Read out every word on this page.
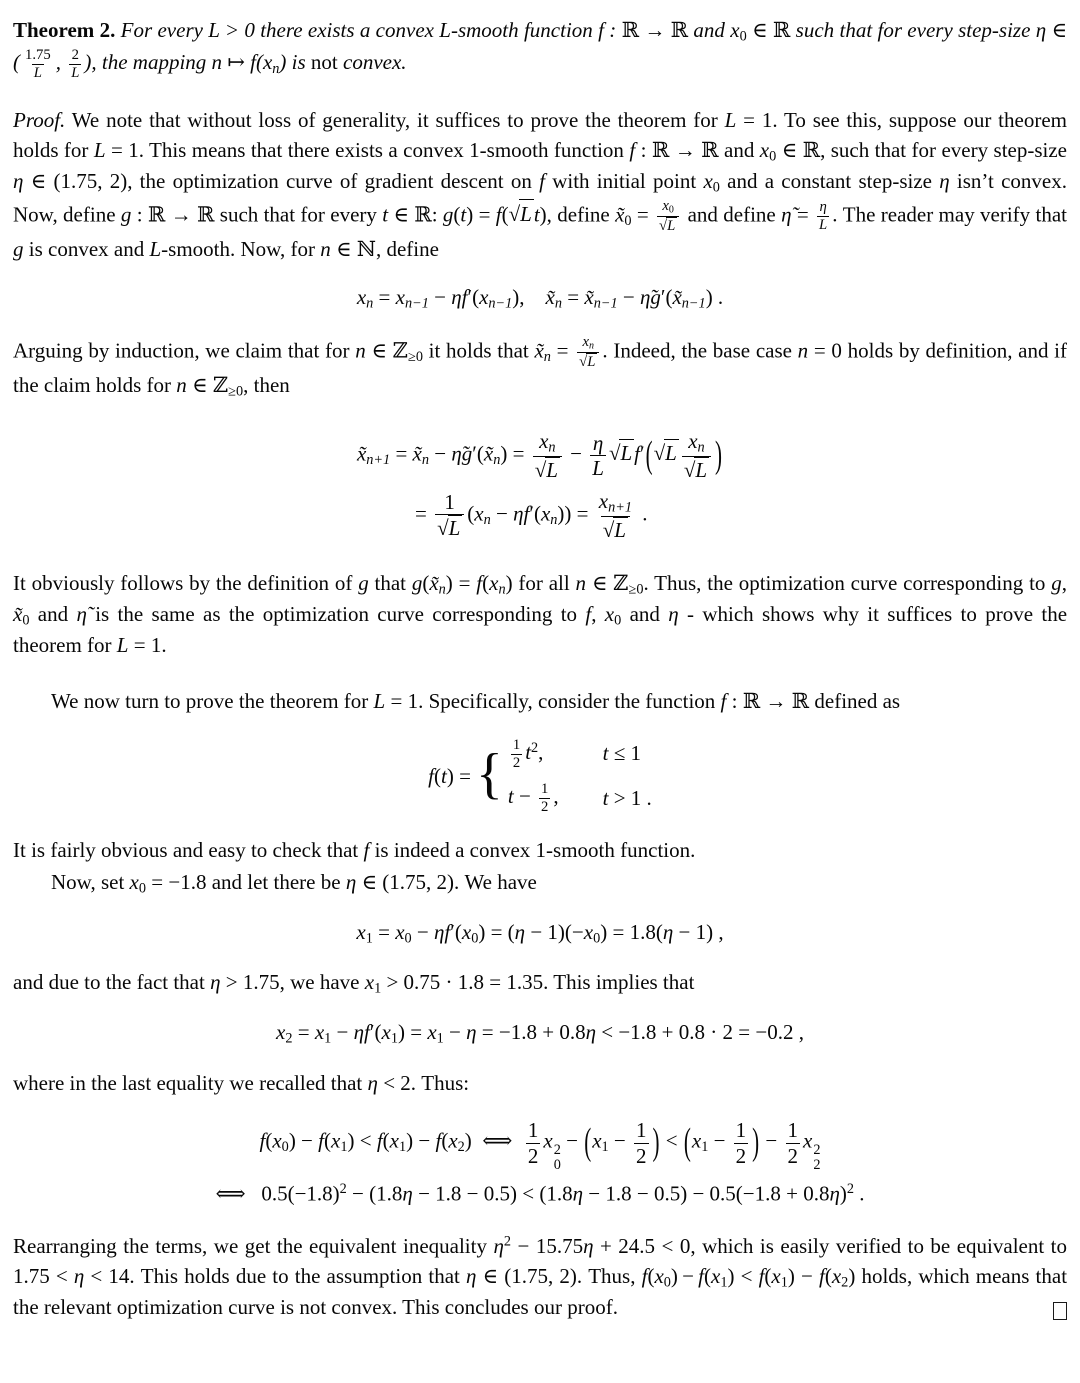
Theorem 2. For every L > 0 there exists a convex L-smooth function f : ℝ → ℝ and x0 ∈ ℝ such that for every step-size η ∈ ( $\frac{1.75}{L}$ , $\frac{2}{L}$ ), the mapping n ↦ f(xn) is not convex.

Proof. We note that without loss of generality, it suffices to prove the theorem for L = 1. To see this, suppose our theorem holds for L = 1. This means that there exists a convex 1-smooth function f : ℝ → ℝ and x0 ∈ ℝ, such that for every step-size η ∈ (1.75, 2), the optimization curve of gradient descent on f with initial point x0 and a constant step-size η isn’t convex. Now, define g : ℝ → ℝ such that for every t ∈ ℝ: g(t) = f( √ L t), define x̃0 = $\frac{x0}{√ L}$ and define η̃ = $\frac{\eta}{L}$ . The reader may verify that g is convex and L-smooth. Now, for n ∈ ℕ, define

xn = xn−1 − ηf′(xn−1), x̃n = x̃n−1 − η̃g′(x̃n−1) .

Arguing by induction, we claim that for n ∈ ℤ≥0 it holds that x̃n = $\frac{xn}{√ L}$ . Indeed, the base case n = 0 holds by definition, and if the claim holds for n ∈ ℤ≥0, then

x̃n+1 = x̃n − η̃g′(x̃n) = $\frac{xn}{√ L} - \frac{\eta}{L}$ √ L f′( √ L $\frac{xn}{√ L}$ )
= $\frac{1}{√ L} (xn - \eta f'(xn)) = \frac{xn+1}{√ L}$ .

It obviously follows by the definition of g that g(x̃n) = f(xn) for all n ∈ ℤ≥0. Thus, the optimization curve corresponding to g, x̃0 and η̃ is the same as the optimization curve corresponding to f, x0 and η - which shows why it suffices to prove the theorem for L = 1.

We now turn to prove the theorem for L = 1. Specifically, consider the function f : ℝ → ℝ defined as

f(t) = { $\frac{1}{2} t^2$,	t ≤ 1
$t - \frac{1}{2}$ , t > 1 .

It is fairly obvious and easy to check that f is indeed a convex 1-smooth function.

Now, set x0 = −1.8 and let there be η ∈ (1.75, 2). We have

x1 = x0 − ηf′(x0) = (η − 1)(−x0) = 1.8(η − 1) ,

and due to the fact that η > 1.75, we have x1 > 0.75 · 1.8 = 1.35. This implies that

x2 = x1 − ηf′(x1) = x1 − η = −1.8 + 0.8η < −1.8 + 0.8 · 2 = −0.2 ,

where in the last equality we recalled that η < 2. Thus:

f(x0) − f(x1) < f(x1) − f(x2) ⟺  $\frac{1}{2}$ x 2
0
− ($x1 - \frac{1}{2}$ ) < ($x1 - \frac{1}{2}$ ) − $\frac{1}{2}$ x 2
2
⟺  $0.5(-1.8)^2 - (1.8\eta - 1.8 - 0.5) < (1.8\eta - 1.8 - 0.5) - 0.5(-1.8 + 0.8\eta)^2$ .

Rearranging the terms, we get the equivalent inequality $\eta^2 - 15.75\eta + 24.5 < 0$, which is easily verified to be equivalent to 1.75 < η < 14. This holds due to the assumption that η ∈ (1.75, 2). Thus, f(x0) − f(x1) < f(x1) − f(x2) holds, which means that the relevant optimization curve is not convex. This concludes our proof.
